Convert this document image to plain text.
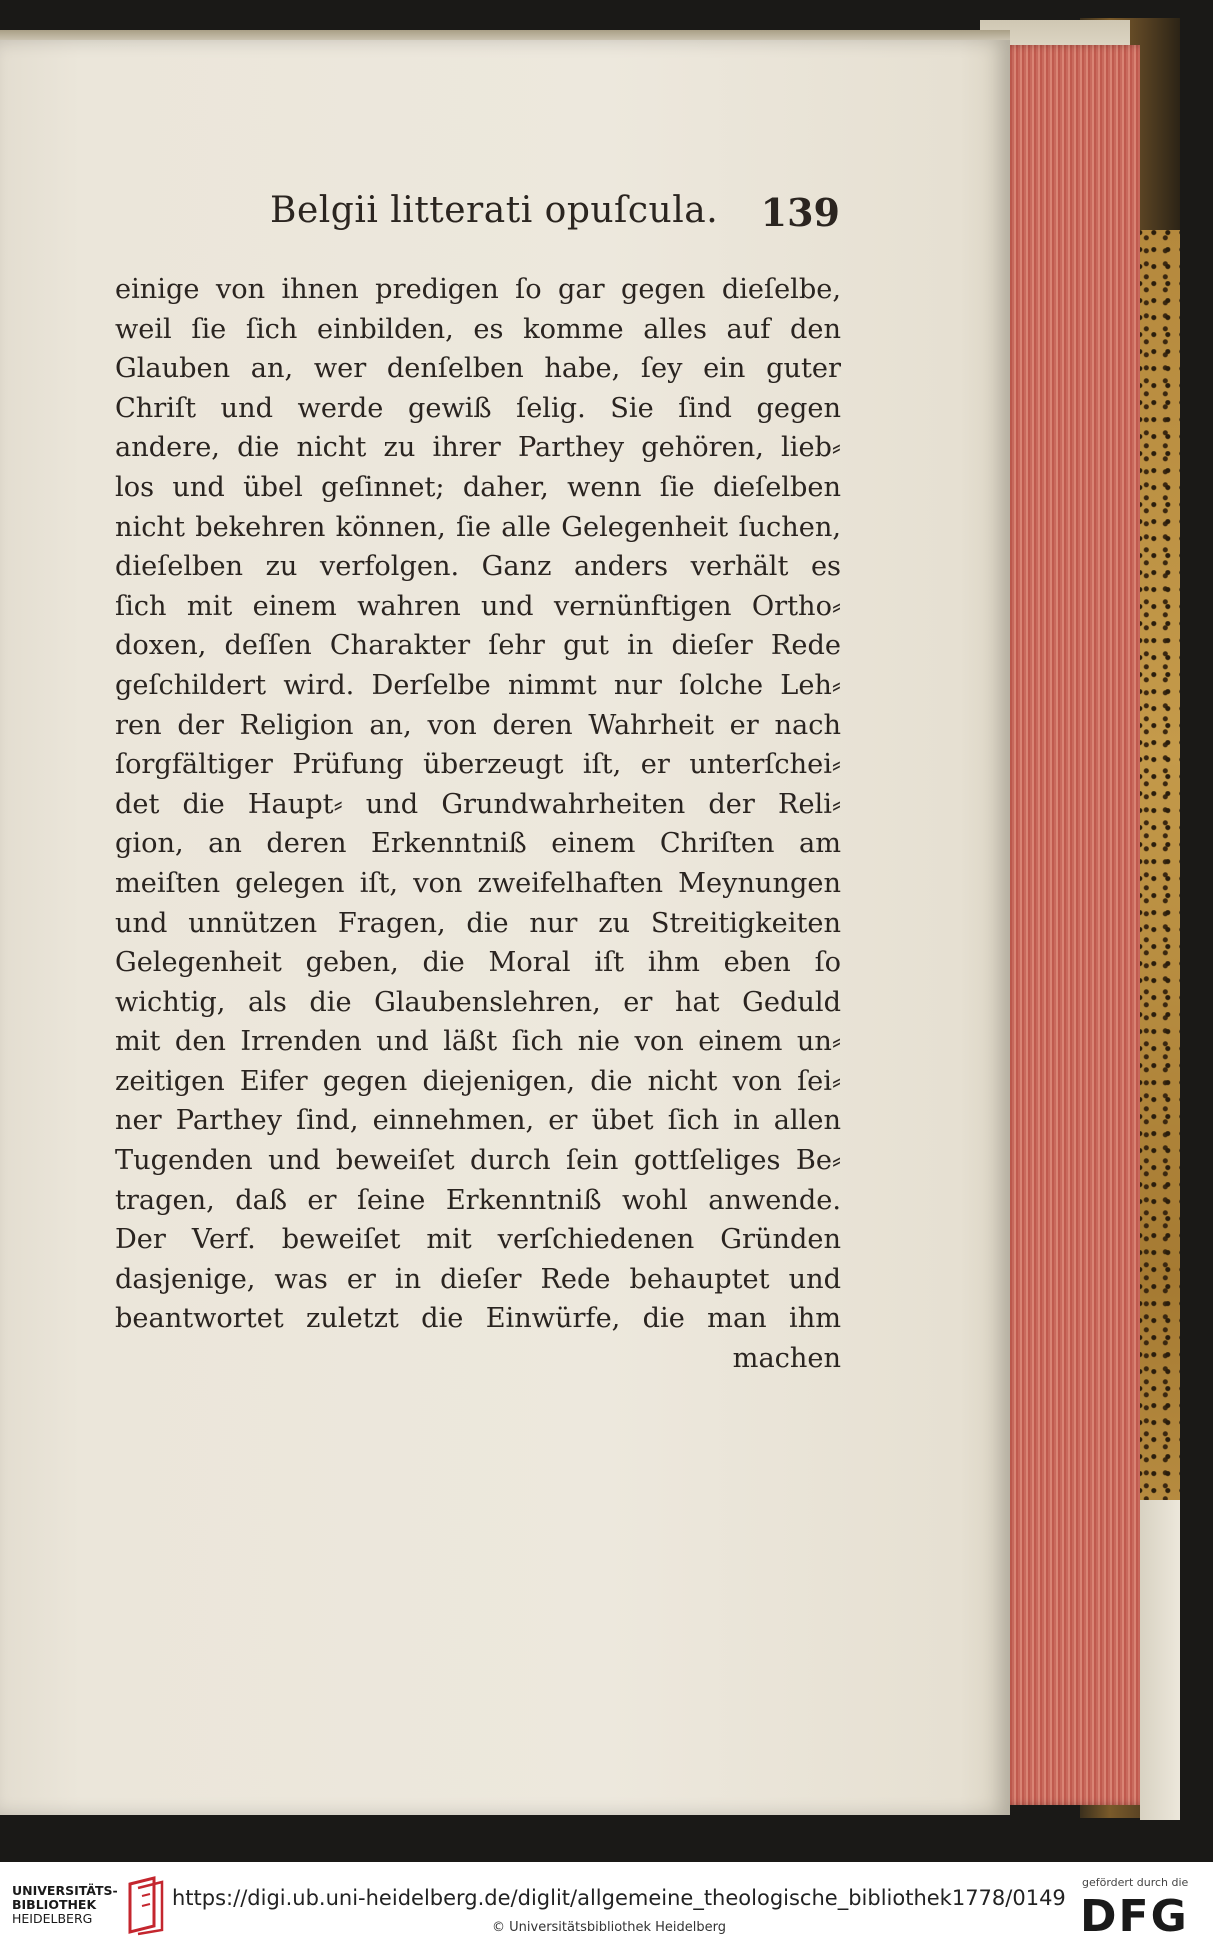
Belgii litterati opuſcula. 139
einige von ihnen predigen ſo gar gegen dieſelbe,
weil ſie ſich einbilden, es komme alles auf den
Glauben an, wer denſelben habe, ſey ein guter
Chriſt und werde gewiß ſelig. Sie ſind gegen
andere, die nicht zu ihrer Parthey gehören, lieb⸗
los und übel geſinnet; daher, wenn ſie dieſelben
nicht bekehren können, ſie alle Gelegenheit ſuchen,
dieſelben zu verfolgen. Ganz anders verhält es
ſich mit einem wahren und vernünftigen Ortho⸗
doxen, deſſen Charakter ſehr gut in dieſer Rede
geſchildert wird. Derſelbe nimmt nur ſolche Leh⸗
ren der Religion an, von deren Wahrheit er nach
ſorgfältiger Prüfung überzeugt iſt, er unterſchei⸗
det die Haupt⸗ und Grundwahrheiten der Reli⸗
gion, an deren Erkenntniß einem Chriſten am
meiſten gelegen iſt, von zweifelhaften Meynungen
und unnützen Fragen, die nur zu Streitigkeiten
Gelegenheit geben, die Moral iſt ihm eben ſo
wichtig, als die Glaubenslehren, er hat Geduld
mit den Irrenden und läßt ſich nie von einem un⸗
zeitigen Eifer gegen diejenigen, die nicht von ſei⸗
ner Parthey ſind, einnehmen, er übet ſich in allen
Tugenden und beweiſet durch ſein gottſeliges Be⸗
tragen, daß er ſeine Erkenntniß wohl anwende.
Der Verf. beweiſet mit verſchiedenen Gründen
dasjenige, was er in dieſer Rede behauptet und
beantwortet zuletzt die Einwürfe, die man ihm
machen
UNIVERSITÄTS-
BIBLIOTHEK
HEIDELBERG
https://digi.ub.uni-heidelberg.de/diglit/allgemeine_theologische_bibliothek1778/0149
© Universitätsbibliothek Heidelberg
gefördert durch die
DFG
